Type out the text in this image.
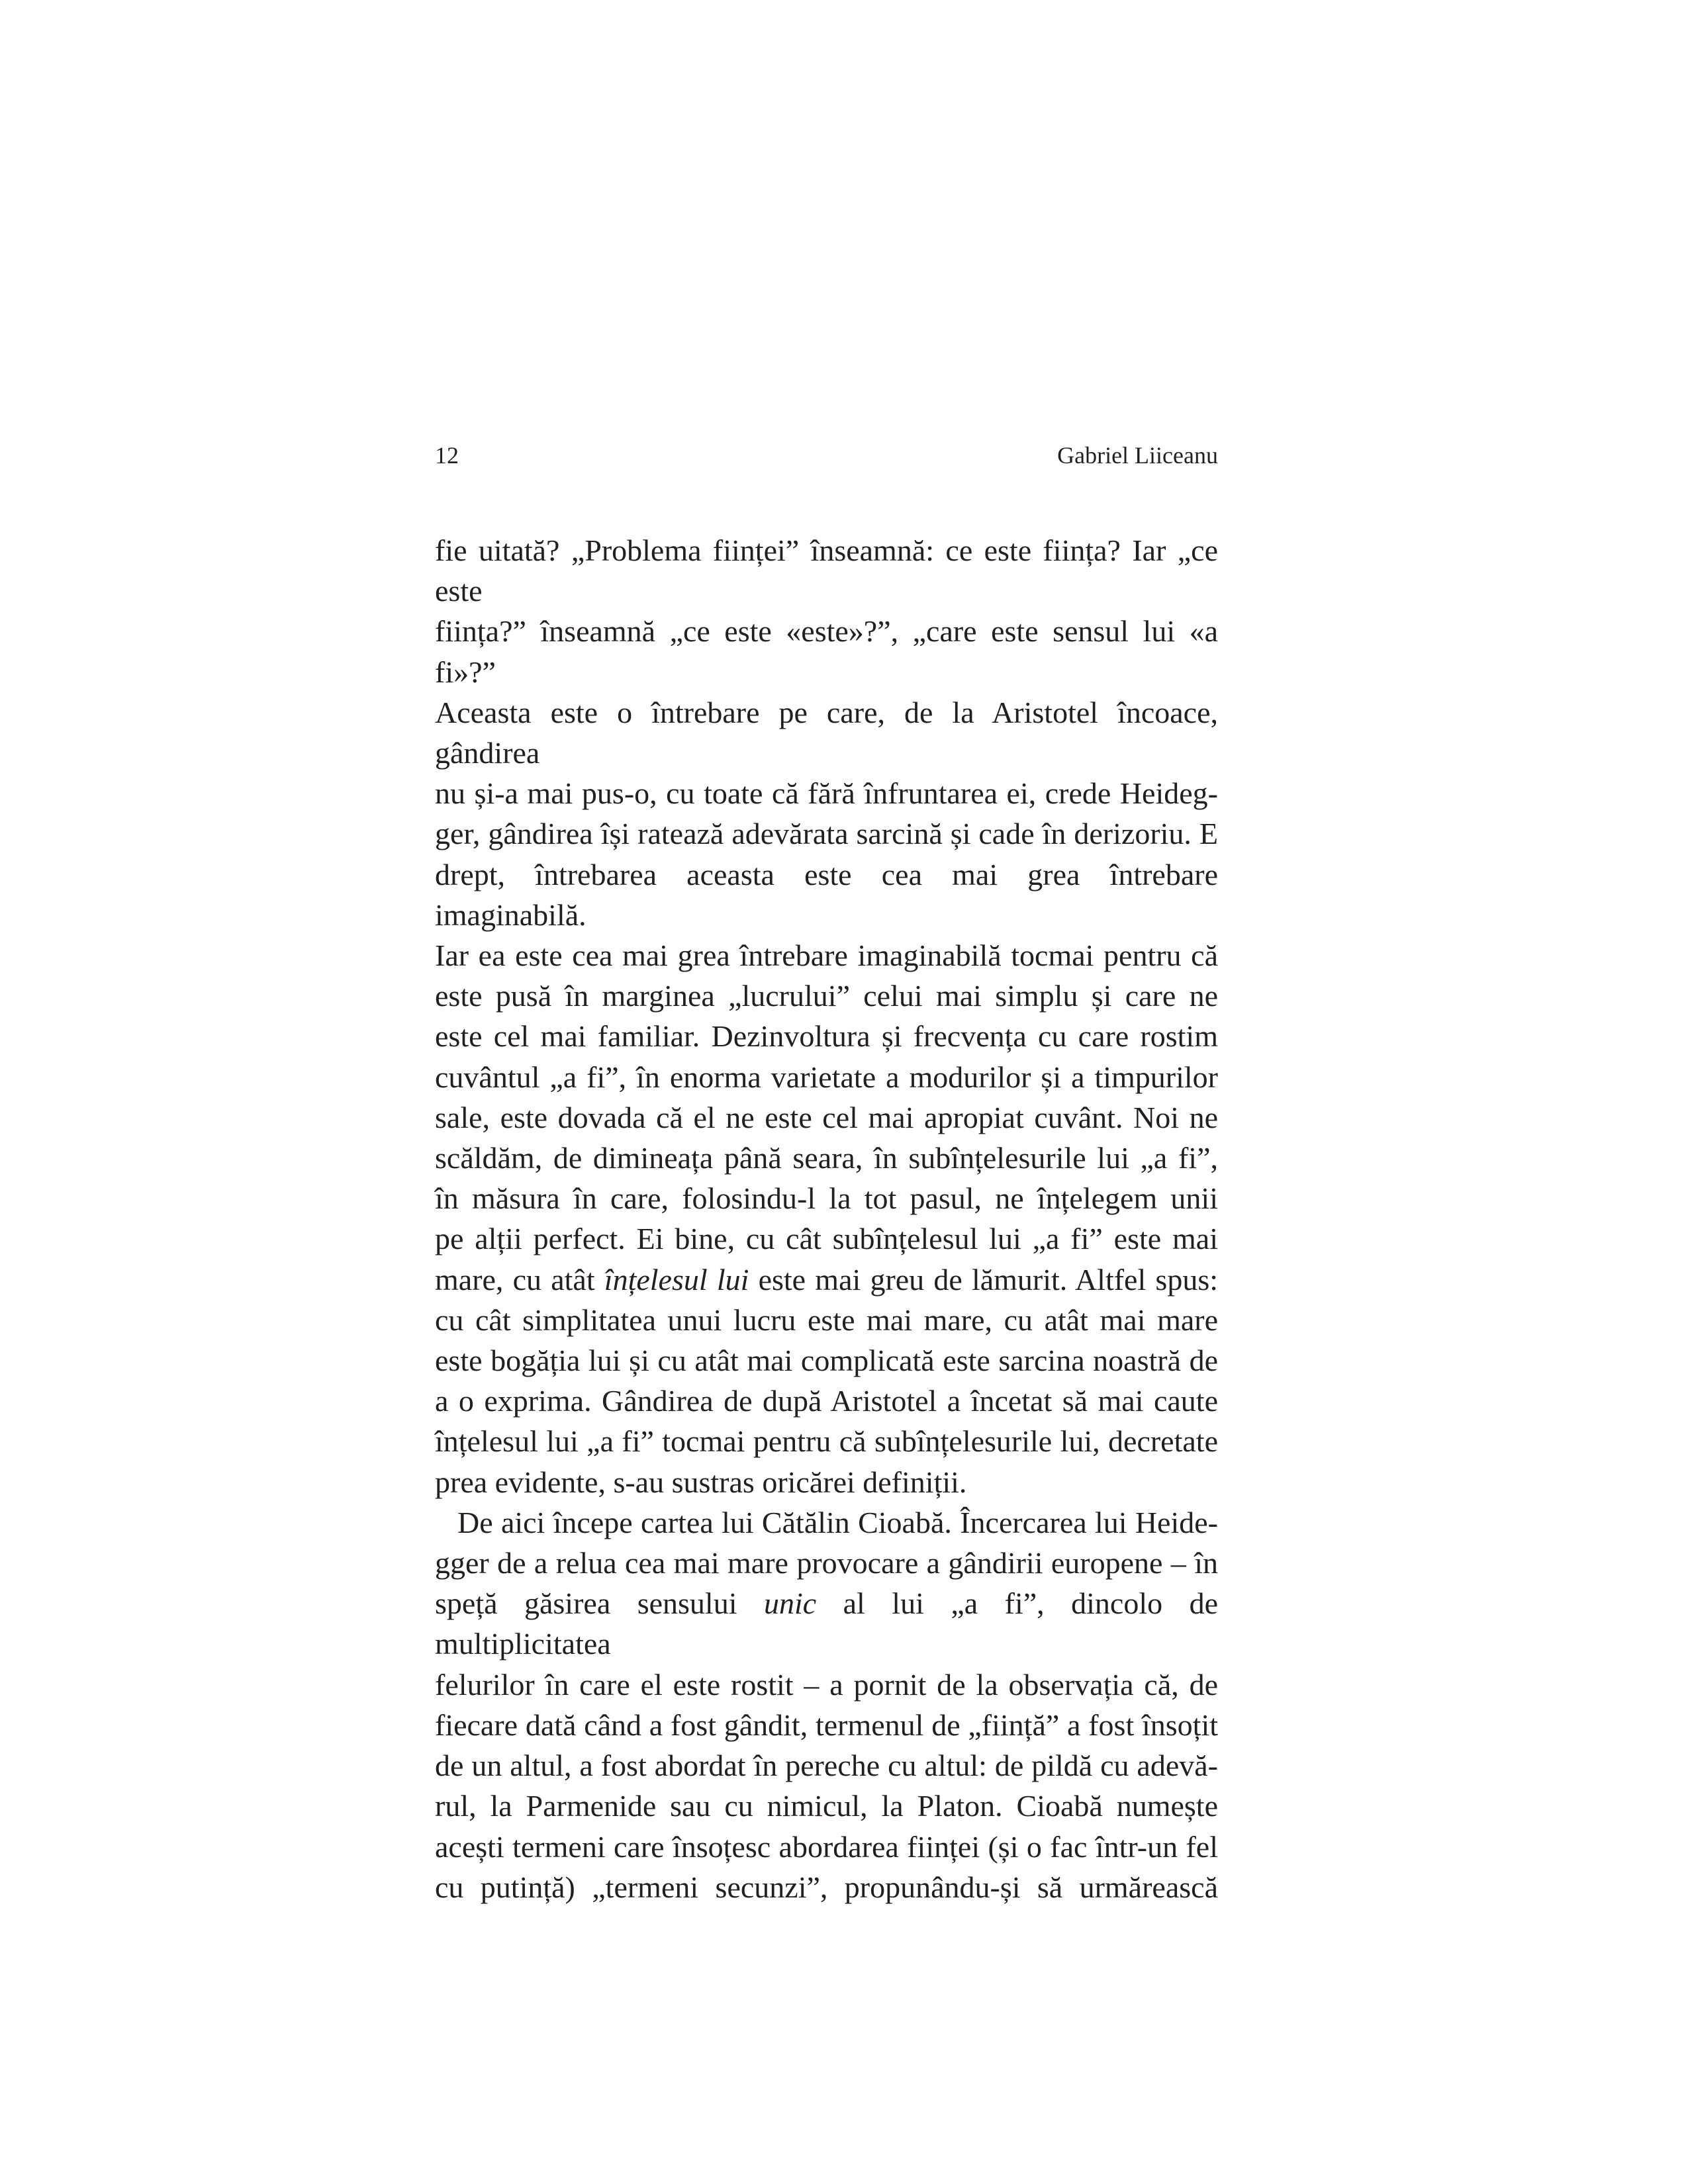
12	Gabriel Liiceanu
fie uitată? „Problema ființei” înseamnă: ce este ființa? Iar „ce este
ființa?” înseamnă „ce este «este»?”, „care este sensul lui «a fi»?”
Aceasta este o întrebare pe care, de la Aristotel încoace, gândirea
nu și-a mai pus-o, cu toate că fără înfruntarea ei, crede Heideg-
ger, gândirea își ratează adevărata sarcină și cade în derizoriu. E
drept, întrebarea aceasta este cea mai grea întrebare imaginabilă.
Iar ea este cea mai grea întrebare imaginabilă tocmai pentru că
este pusă în marginea „lucrului” celui mai simplu și care ne
este cel mai familiar. Dezinvoltura și frecvența cu care rostim
cuvântul „a fi”, în enorma varietate a modurilor și a timpurilor
sale, este dovada că el ne este cel mai apropiat cuvânt. Noi ne
scăldăm, de dimineața până seara, în subînțelesurile lui „a fi”,
în măsura în care, folosindu-l la tot pasul, ne înțelegem unii
pe alții perfect. Ei bine, cu cât subînțelesul lui „a fi” este mai
mare, cu atât înțelesul lui este mai greu de lămurit. Altfel spus:
cu cât simplitatea unui lucru este mai mare, cu atât mai mare
este bogăția lui și cu atât mai complicată este sarcina noastră de
a o exprima. Gândirea de după Aristotel a încetat să mai caute
înțelesul lui „a fi” tocmai pentru că subînțelesurile lui, decretate
prea evidente, s-au sustras oricărei definiții.
De aici începe cartea lui Cătălin Cioabă. Încercarea lui Heide-
gger de a relua cea mai mare provocare a gândirii europene – în
speță găsirea sensului unic al lui „a fi”, dincolo de multiplicitatea
felurilor în care el este rostit – a pornit de la observația că, de
fiecare dată când a fost gândit, termenul de „ființă” a fost însoțit
de un altul, a fost abordat în pereche cu altul: de pildă cu adevă-
rul, la Parmenide sau cu nimicul, la Platon. Cioabă numește
acești termeni care însoțesc abordarea ființei (și o fac într-un fel
cu putință) „termeni secunzi”, propunându-și să urmărească
